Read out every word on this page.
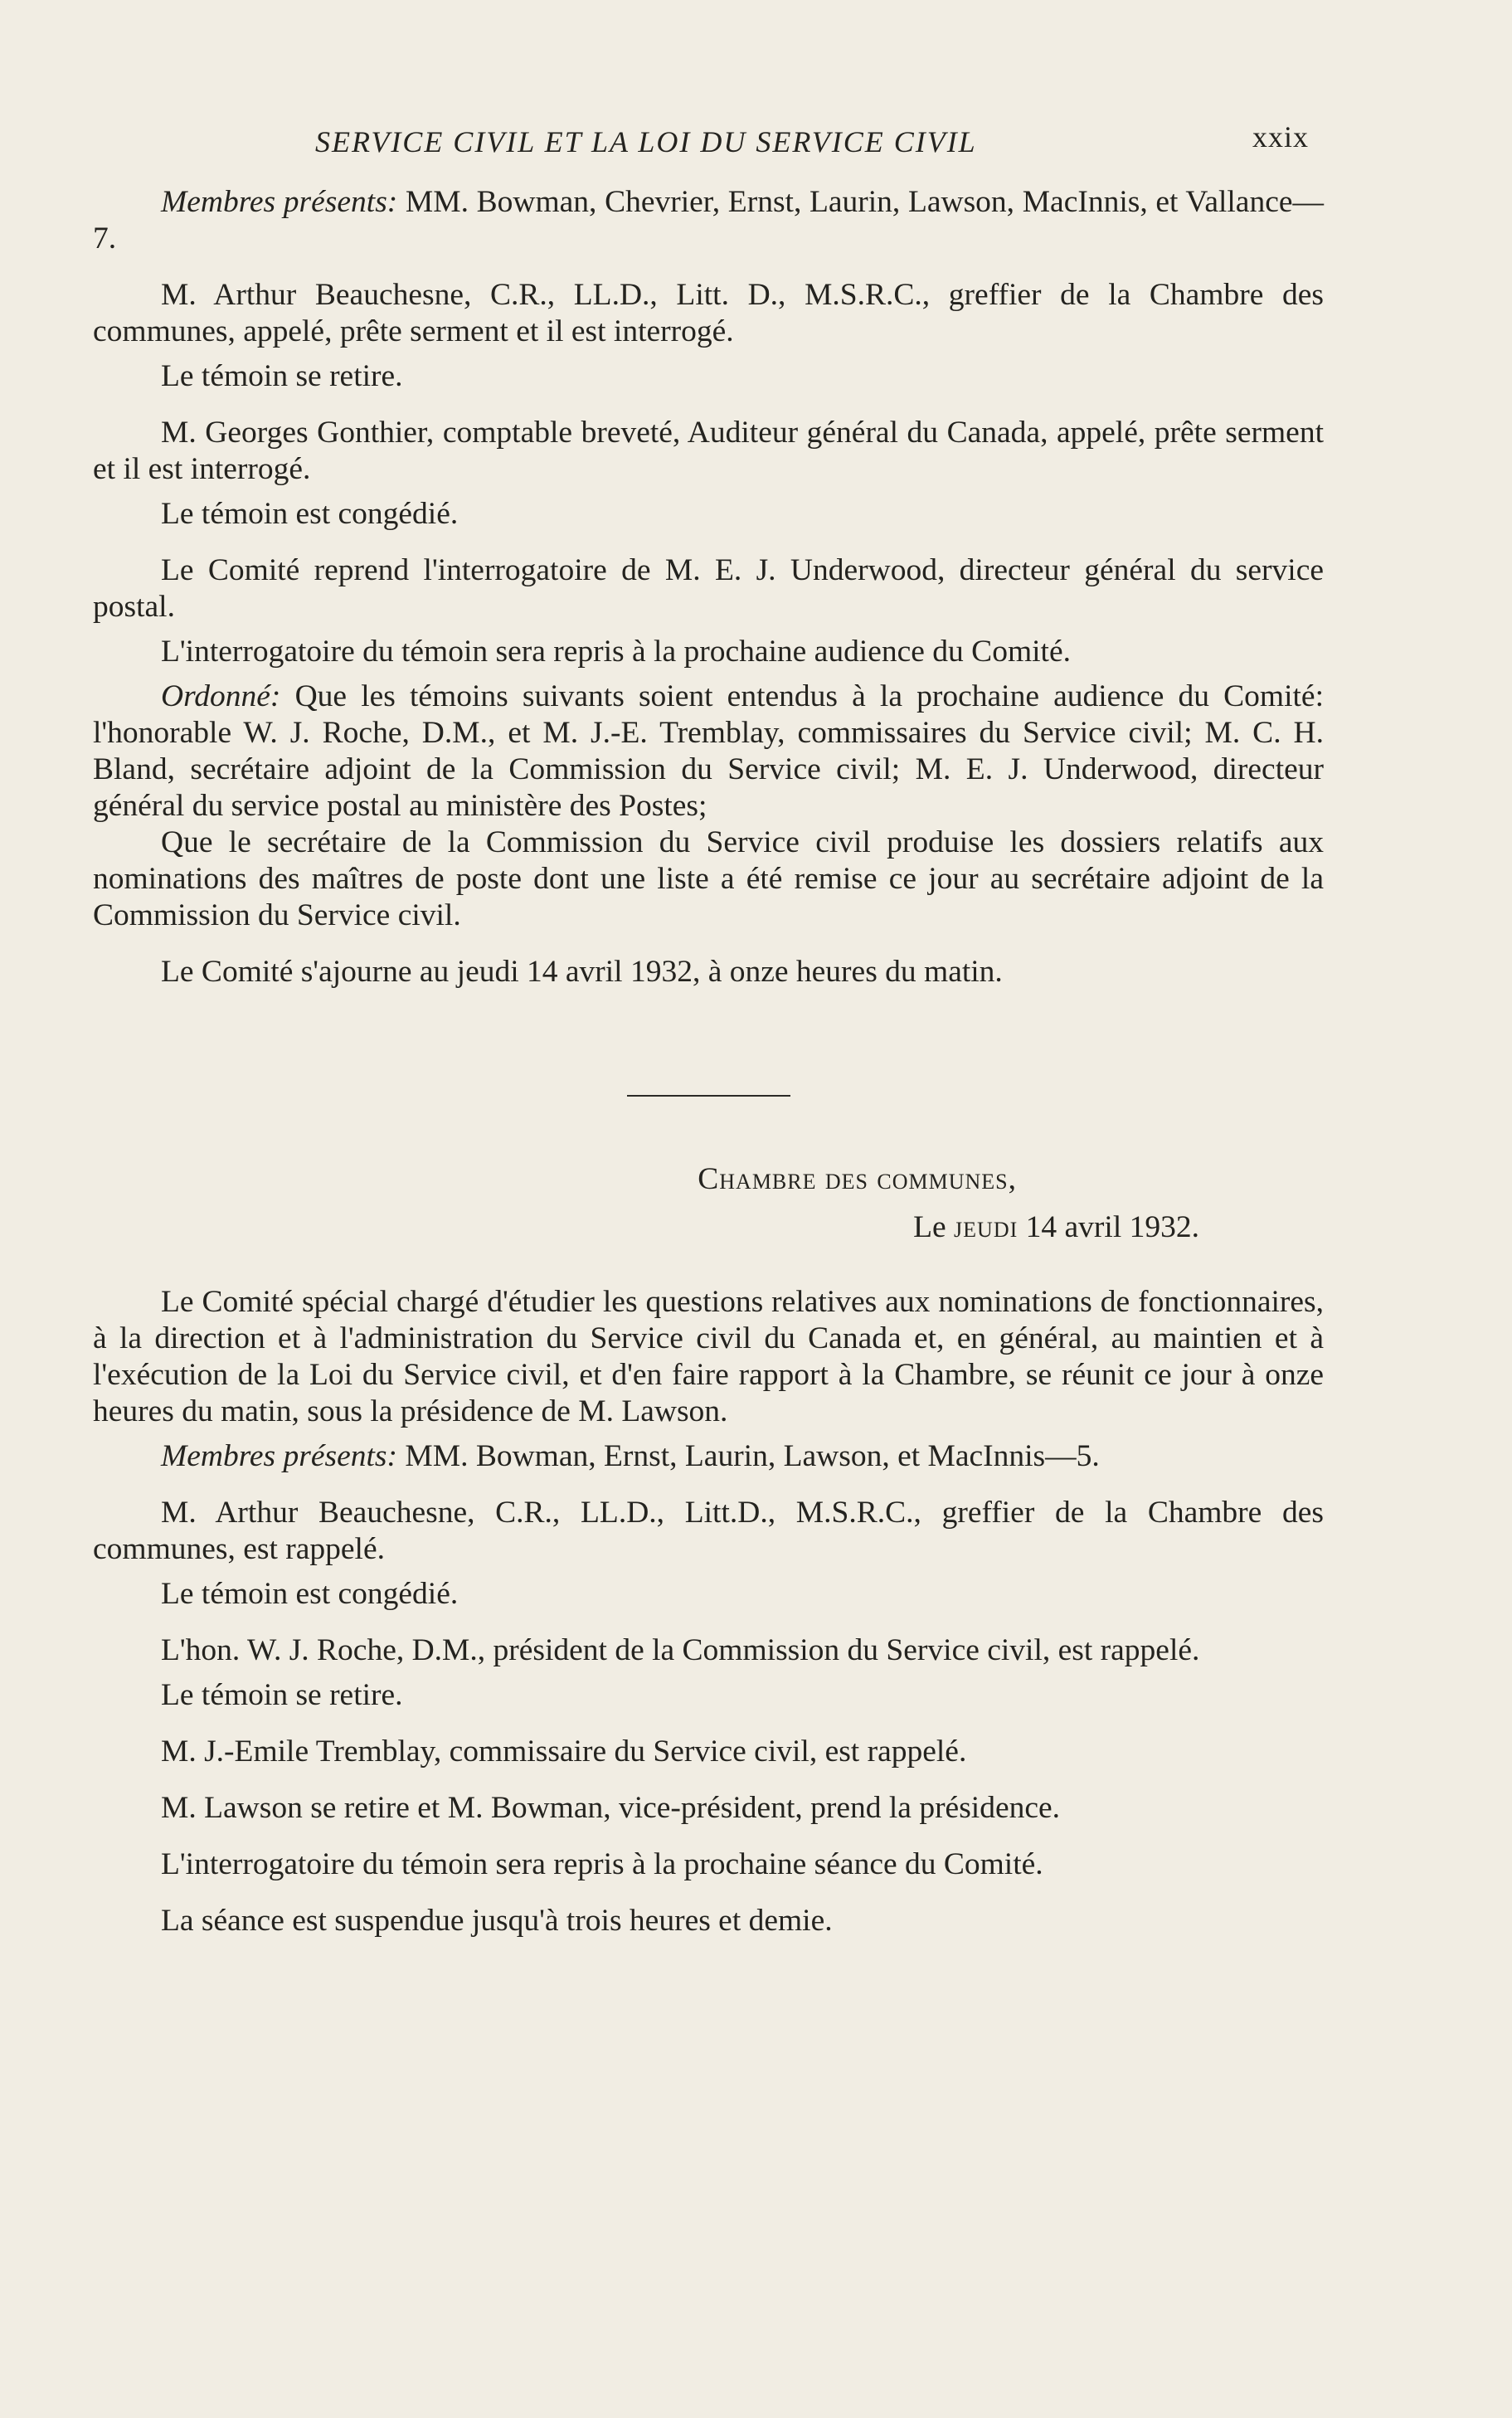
SERVICE CIVIL ET LA LOI DU SERVICE CIVIL	xxix

Membres présents: MM. Bowman, Chevrier, Ernst, Laurin, Lawson, MacInnis, et Vallance—7.

M. Arthur Beauchesne, C.R., LL.D., Litt. D., M.S.R.C., greffier de la Chambre des communes, appelé, prête serment et il est interrogé.

Le témoin se retire.

M. Georges Gonthier, comptable breveté, Auditeur général du Canada, appelé, prête serment et il est interrogé.

Le témoin est congédié.

Le Comité reprend l'interrogatoire de M. E. J. Underwood, directeur général du service postal.

L'interrogatoire du témoin sera repris à la prochaine audience du Comité.

Ordonné: Que les témoins suivants soient entendus à la prochaine audience du Comité: l'honorable W. J. Roche, D.M., et M. J.-E. Tremblay, commissaires du Service civil; M. C. H. Bland, secrétaire adjoint de la Commission du Service civil; M. E. J. Underwood, directeur général du service postal au ministère des Postes;

Que le secrétaire de la Commission du Service civil produise les dossiers relatifs aux nominations des maîtres de poste dont une liste a été remise ce jour au secrétaire adjoint de la Commission du Service civil.

Le Comité s'ajourne au jeudi 14 avril 1932, à onze heures du matin.

Chambre des communes,

Le jeudi 14 avril 1932.

Le Comité spécial chargé d'étudier les questions relatives aux nominations de fonctionnaires, à la direction et à l'administration du Service civil du Canada et, en général, au maintien et à l'exécution de la Loi du Service civil, et d'en faire rapport à la Chambre, se réunit ce jour à onze heures du matin, sous la présidence de M. Lawson.

Membres présents: MM. Bowman, Ernst, Laurin, Lawson, et MacInnis—5.

M. Arthur Beauchesne, C.R., LL.D., Litt.D., M.S.R.C., greffier de la Chambre des communes, est rappelé.

Le témoin est congédié.

L'hon. W. J. Roche, D.M., président de la Commission du Service civil, est rappelé.

Le témoin se retire.

M. J.-Emile Tremblay, commissaire du Service civil, est rappelé.

M. Lawson se retire et M. Bowman, vice-président, prend la présidence.

L'interrogatoire du témoin sera repris à la prochaine séance du Comité.

La séance est suspendue jusqu'à trois heures et demie.
